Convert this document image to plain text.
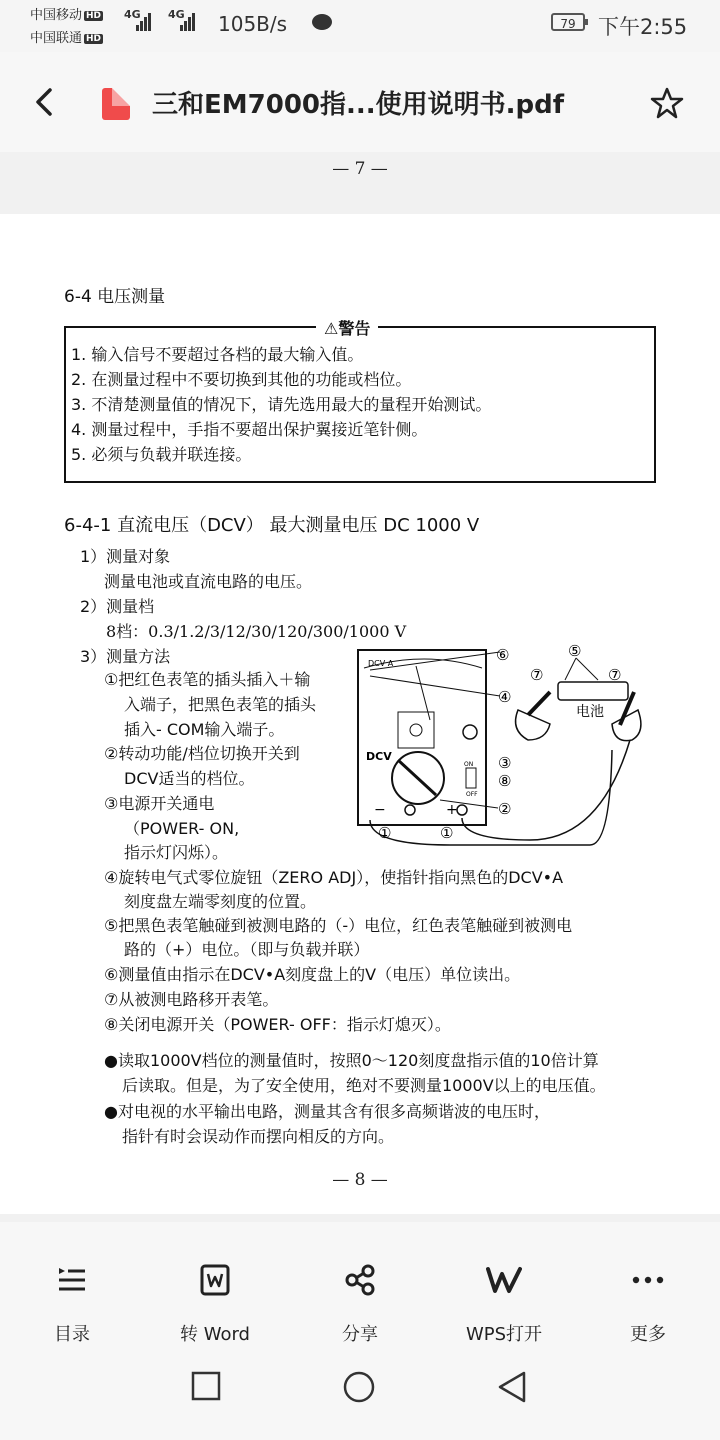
中国移动 HD
中国联通 HD
4G 4G 105B/s	79	下午2:55
三和EM7000指...使用说明书.pdf
— 7 —
6-4 电压测量
⚠警告
1. 输入信号不要超过各档的最大输入值。
2. 在测量过程中不要切换到其他的功能或档位。
3. 不清楚测量值的情况下，请先选用最大的量程开始测试。
4. 测量过程中，手指不要超出保护翼接近笔针侧。
5. 必须与负载并联连接。
6-4-1 直流电压（DCV） 最大测量电压 DC 1000 V
1）测量对象
测量电池或直流电路的电压。
2）测量档
8档：0.3/1.2/3/12/30/120/300/1000 V
3）测量方法
①把红色表笔的插头插入＋输
入端子，把黑色表笔的插头
插入- COM输入端子。
②转动功能/档位切换开关到
DCV适当的档位。
③电源开关通电
（POWER- ON,
指示灯闪烁）。
DCV A
DCV
−	+
ON
OFF
电池
⑥
④
③
⑧
②
①	①
⑤
⑦	⑦
④旋转电气式零位旋钮（ZERO ADJ），使指针指向黑色的DCV•A
刻度盘左端零刻度的位置。
⑤把黑色表笔触碰到被测电路的（-）电位，红色表笔触碰到被测电
路的（+）电位。（即与负载并联）
⑥测量值由指示在DCV•A刻度盘上的V（电压）单位读出。
⑦从被测电路移开表笔。
⑧关闭电源开关（POWER- OFF：指示灯熄灭）。
●读取1000V档位的测量值时，按照0～120刻度盘指示值的10倍计算
后读取。但是，为了安全使用，绝对不要测量1000V以上的电压值。
●对电视的水平输出电路，测量其含有很多高频谐波的电压时，
指针有时会误动作而摆向相反的方向。
— 8 —
目录	转 Word	分享	WPS打开	更多
